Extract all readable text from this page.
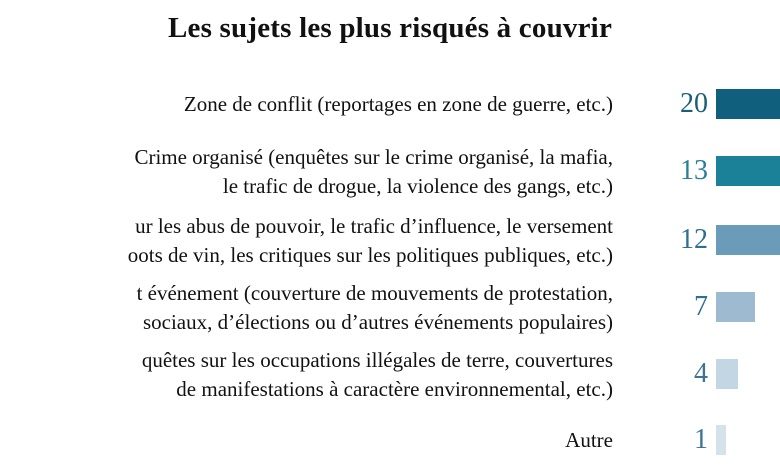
Les sujets les plus risqués à couvrir
Zone de conflit (reportages en zone de guerre, etc.) 20
Crime organisé (enquêtes sur le crime organisé, la mafia,
le trafic de drogue, la violence des gangs, etc.) 13
ur les abus de pouvoir, le trafic d’influence, le versement
oots de vin, les critiques sur les politiques publiques, etc.) 12
t événement (couverture de mouvements de protestation,
sociaux, d’élections ou d’autres événements populaires)	7
quêtes sur les occupations illégales de terre, couvertures
de manifestations à caractère environnemental, etc.)	4
Autre	1
